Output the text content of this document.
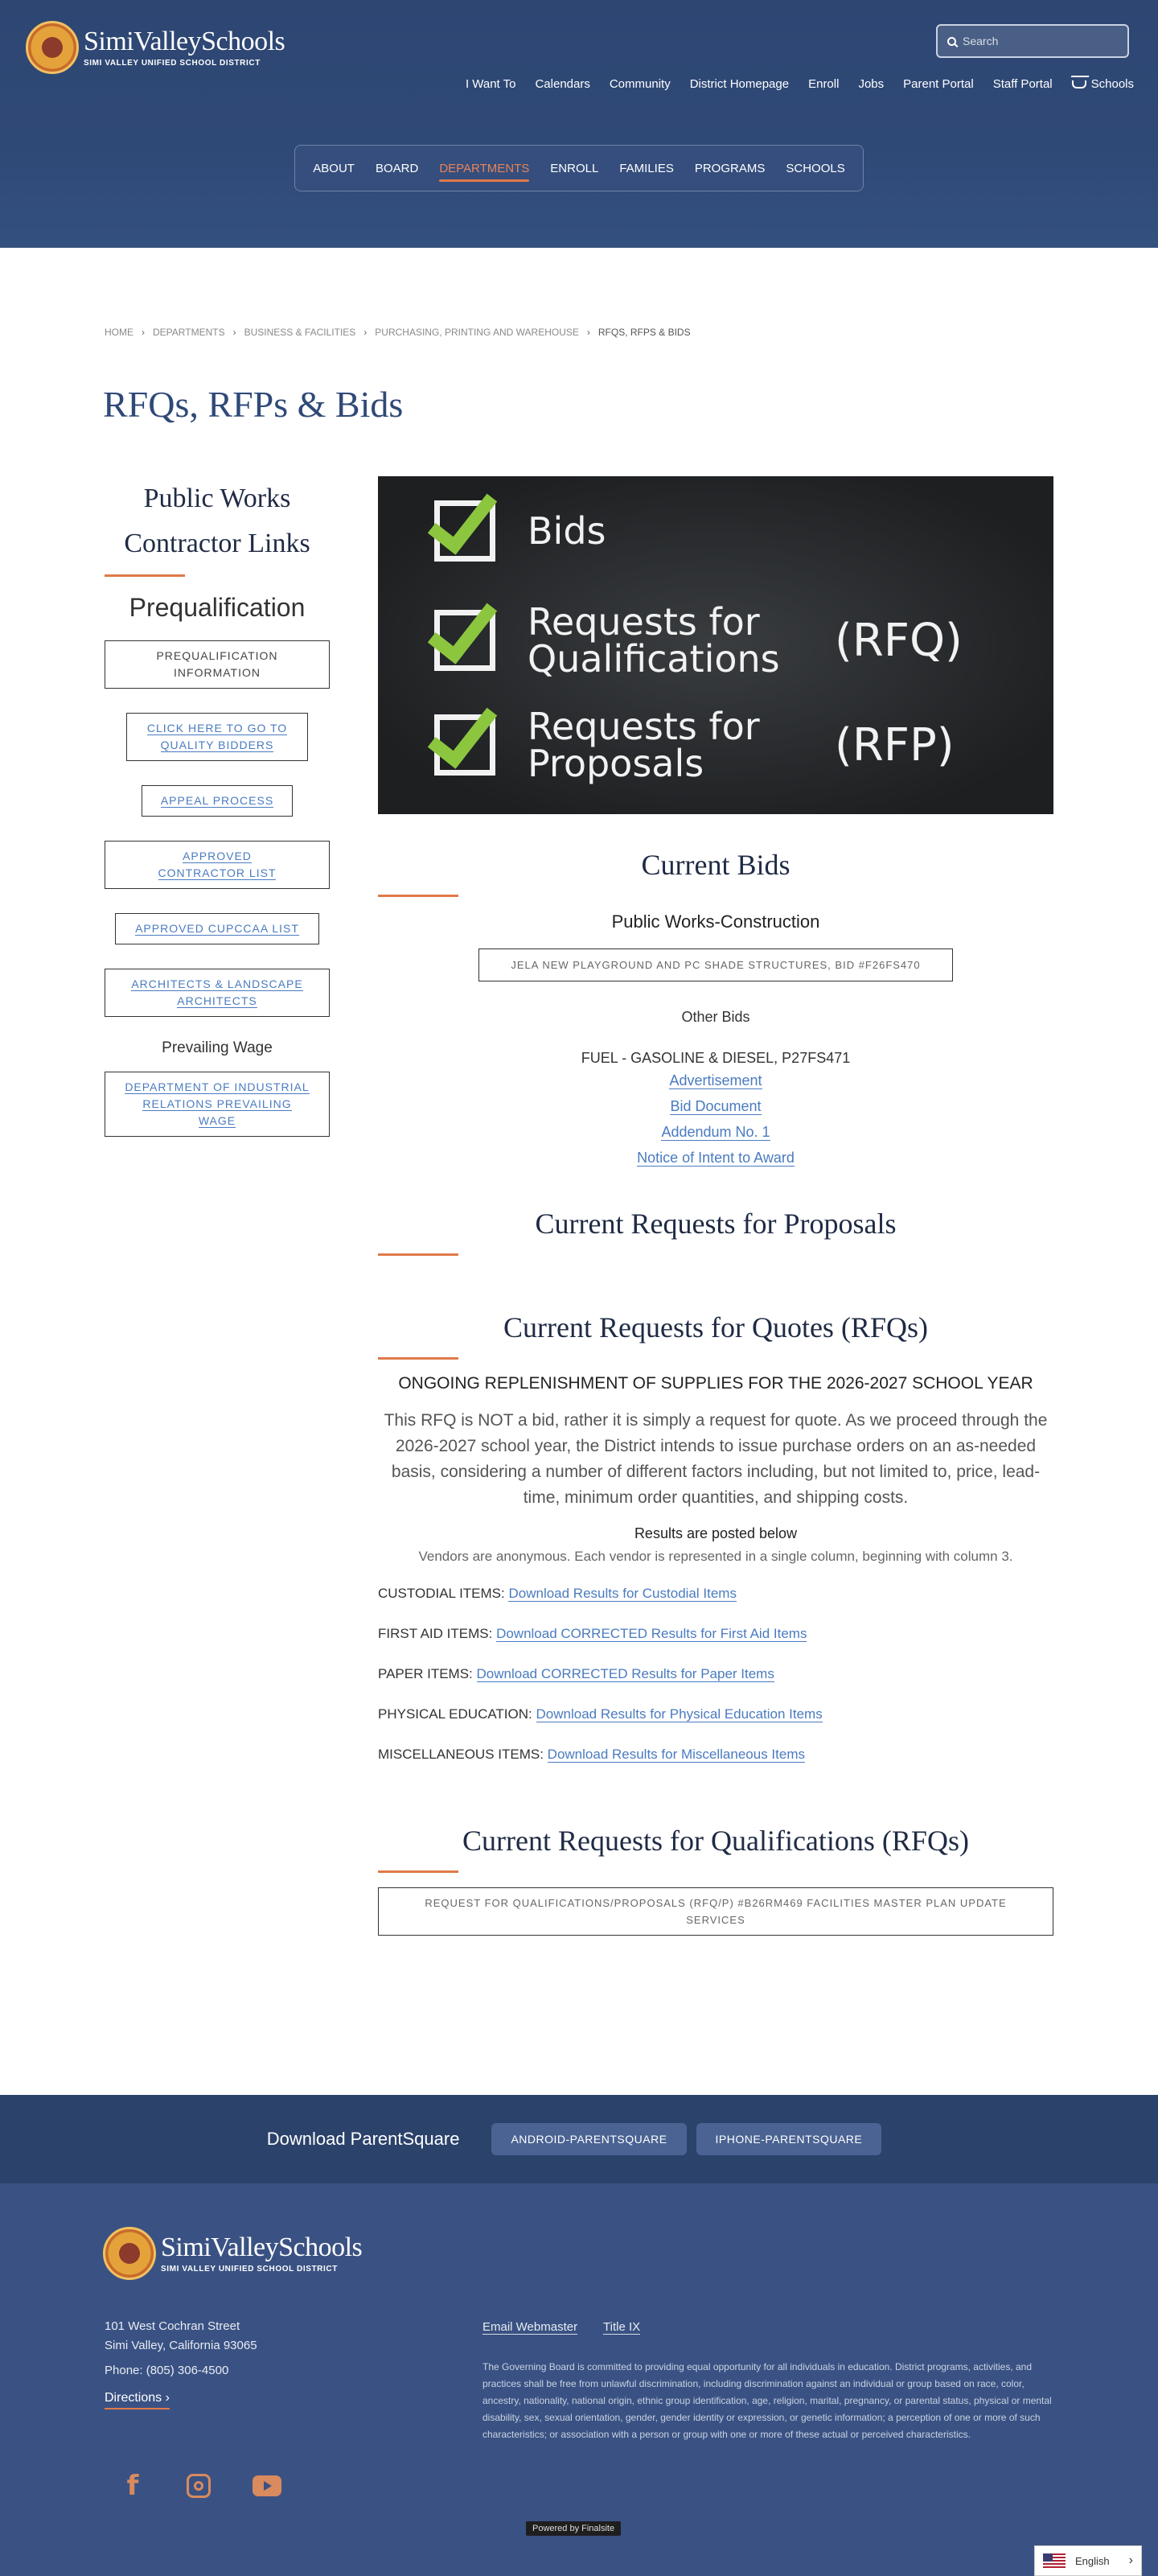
SimiValleySchools
SIMI VALLEY UNIFIED SCHOOL DISTRICT
Search
I Want To Calendars Community District Homepage Enroll Jobs Parent Portal Staff Portal	Schools
ABOUT BOARD DEPARTMENTS ENROLL FAMILIES PROGRAMS SCHOOLS
HOME › DEPARTMENTS › BUSINESS & FACILITIES › PURCHASING, PRINTING AND WAREHOUSE › RFQS, RFPS & BIDS
RFQs, RFPs & Bids
Public Works
Contractor Links
Prequalification
PREQUALIFICATION INFORMATION
CLICK HERE TO GO TO QUALITY BIDDERS
APPEAL PROCESS
APPROVED CONTRACTOR LIST
APPROVED CUPCCAA LIST
ARCHITECTS & LANDSCAPE ARCHITECTS
Prevailing Wage
DEPARTMENT OF INDUSTRIAL RELATIONS PREVAILING WAGE
Bids
Requests for
Qualifications (RFQ)
Requests for
Proposals	(RFP)
Current Bids
Public Works-Construction
JELA NEW PLAYGROUND AND PC SHADE STRUCTURES, BID #F26FS470
Other Bids
FUEL - GASOLINE & DIESEL, P27FS471
Advertisement
Bid Document
Addendum No. 1
Notice of Intent to Award
Current Requests for Proposals
Current Requests for Quotes (RFQs)
ONGOING REPLENISHMENT OF SUPPLIES FOR THE 2026-2027 SCHOOL YEAR

This RFQ is NOT a bid, rather it is simply a request for quote. As we proceed through the 2026-2027 school year, the District intends to issue purchase orders on an as-needed basis, considering a number of different factors including, but not limited to, price, lead-time, minimum order quantities, and shipping costs.

Results are posted below
Vendors are anonymous. Each vendor is represented in a single column, beginning with column 3.
CUSTODIAL ITEMS: Download Results for Custodial Items
FIRST AID ITEMS: Download CORRECTED Results for First Aid Items
PAPER ITEMS: Download CORRECTED Results for Paper Items
PHYSICAL EDUCATION: Download Results for Physical Education Items
MISCELLANEOUS ITEMS: Download Results for Miscellaneous Items
Current Requests for Qualifications (RFQs)
REQUEST FOR QUALIFICATIONS/PROPOSALS (RFQ/P) #B26RM469 FACILITIES MASTER PLAN UPDATE SERVICES
Download ParentSquare	ANDROID-PARENTSQUARE	IPHONE-PARENTSQUARE
SimiValleySchools
SIMI VALLEY UNIFIED SCHOOL DISTRICT
101 West Cochran Street
Simi Valley, California 93065
Phone: (805) 306-4500
Directions ›
Email Webmaster Title IX

The Governing Board is committed to providing equal opportunity for all individuals in education. District programs, activities, and practices shall be free from unlawful discrimination, including discrimination against an individual or group based on race, color, ancestry, nationality, national origin, ethnic group identification, age, religion, marital, pregnancy, or parental status, physical or mental disability, sex, sexual orientation, gender, gender identity or expression, or genetic information; a perception of one or more of such characteristics; or association with a person or group with one or more of these actual or perceived characteristics.

f
Powered by Finalsite
English ›
